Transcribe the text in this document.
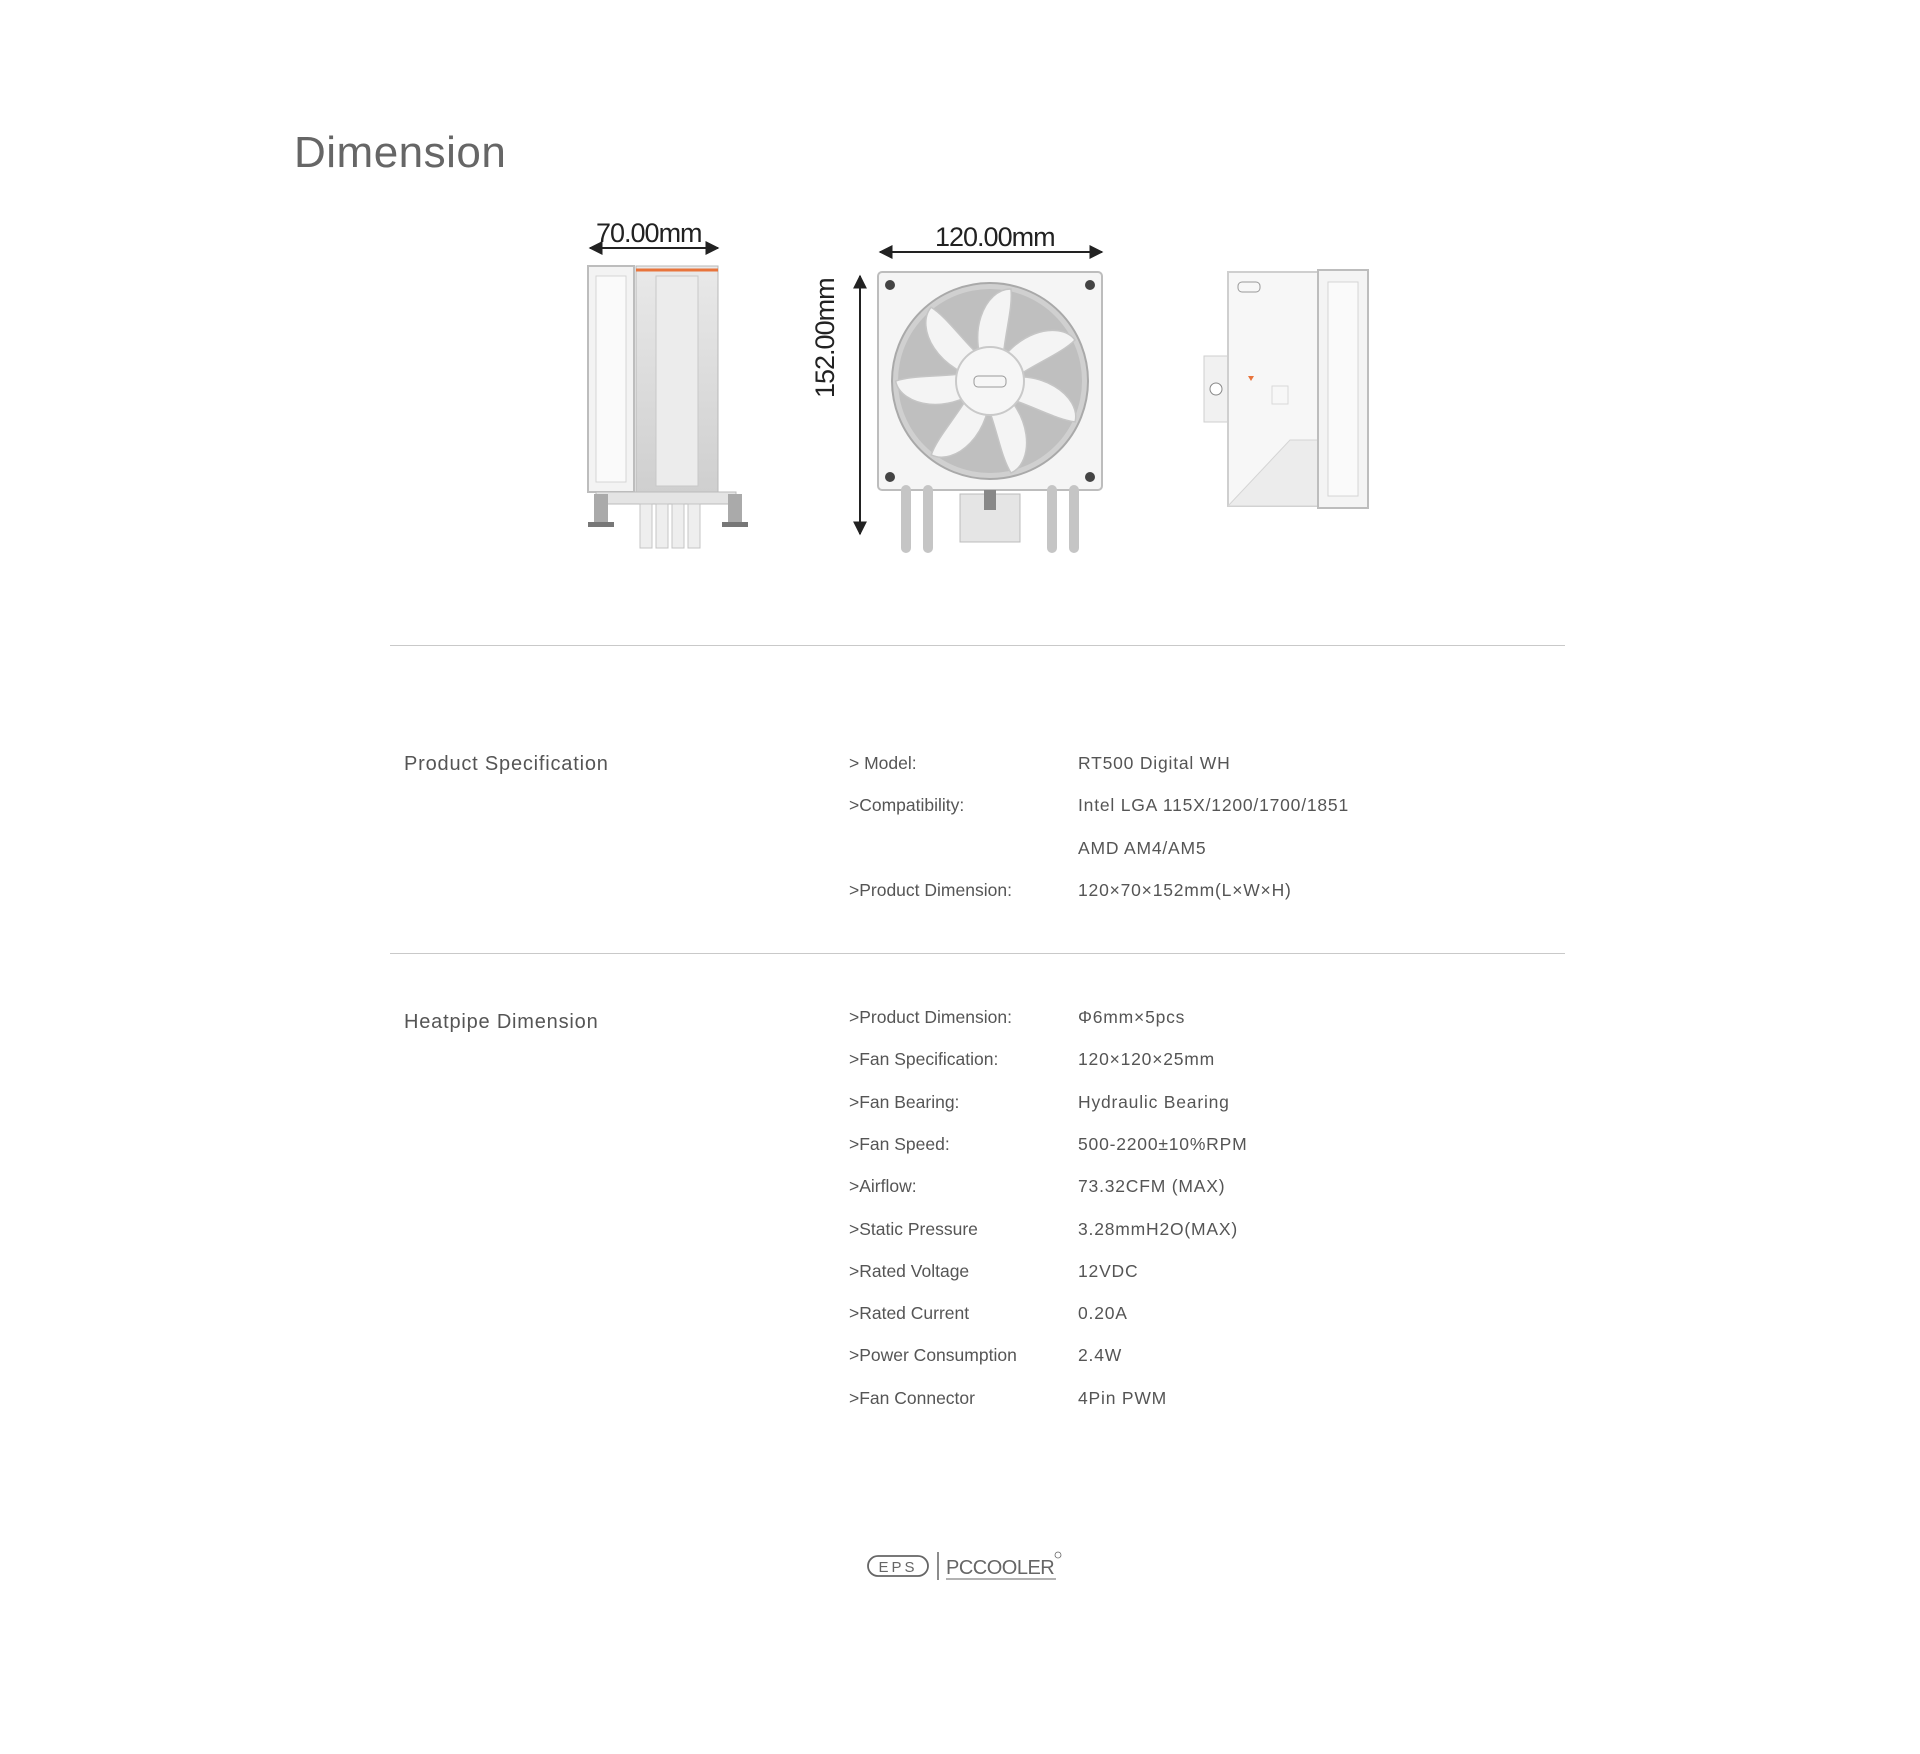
Dimension
70.00mm	120.00mm
152.00mm
Product Specification	> Model:	RT500 Digital WH
>Compatibility:	Intel LGA 115X/1200/1700/1851
AMD AM4/AM5
>Product Dimension:	120×70×152mm(L×W×H)
Heatpipe Dimension	>Product Dimension:	Φ6mm×5pcs
>Fan Specification:	120×120×25mm
>Fan Bearing:	Hydraulic Bearing
>Fan Speed:	500-2200±10%RPM
>Airflow:	73.32CFM (MAX)
>Static Pressure	3.28mmH2O(MAX)
>Rated Voltage	12VDC
>Rated Current	0.20A
>Power Consumption	2.4W
>Fan Connector	4Pin PWM
EPS PCCOOLER
